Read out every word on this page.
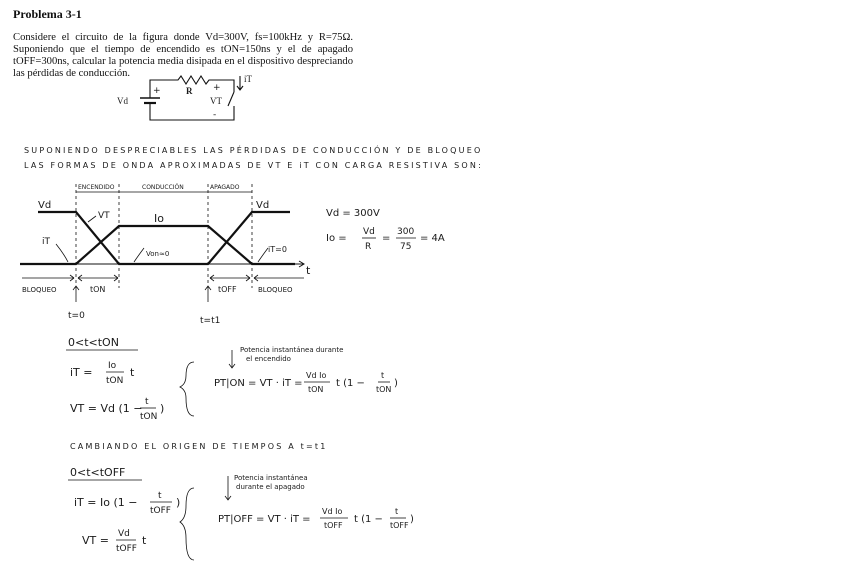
Problema 3-1
Considere el circuito de la figura donde Vd=300V, fs=100kHz y R=75Ω. Suponiendo que el tiempo de encendido es tON=150ns y el de apagado tOFF=300ns, calcular la potencia media disipada en el dispositivo despreciando las pérdidas de conducción.
Vd
+	R
iT
+
VT
-
SUPONIENDO DESPRECIABLES LAS PÉRDIDAS DE CONDUCCIÓN Y DE BLOQUEO
LAS FORMAS DE ONDA APROXIMADAS DE VT E iT CON CARGA RESISTIVA SON:
ENCENDIDO	CONDUCCIÓN	APAGADO
Vd	Vd
VT	Io
iT
Von≈0	iT=0
t
BLOQUEO	BLOQUEO
tON	tOFF
t=0	t=t1
Vd = 300V
Io =
Vd
R
=
300
75
= 4A
0<t<tON
iT = Io
tON
t
VT = Vd (1 − t
tON
)
Potencia instantánea durante
el encendido
PT|ON = VT · iT =
Vd Io
tON
t (1 −
t
tON
)
CAMBIANDO EL ORIGEN DE TIEMPOS A t=t1
0<t<tOFF
iT = Io (1 − t
tOFF
)
VT = Vd
tOFF
t
Potencia instantánea
durante el apagado
PT|OFF = VT · iT =
Vd Io
tOFF
t (1 −
t
tOFF
)
